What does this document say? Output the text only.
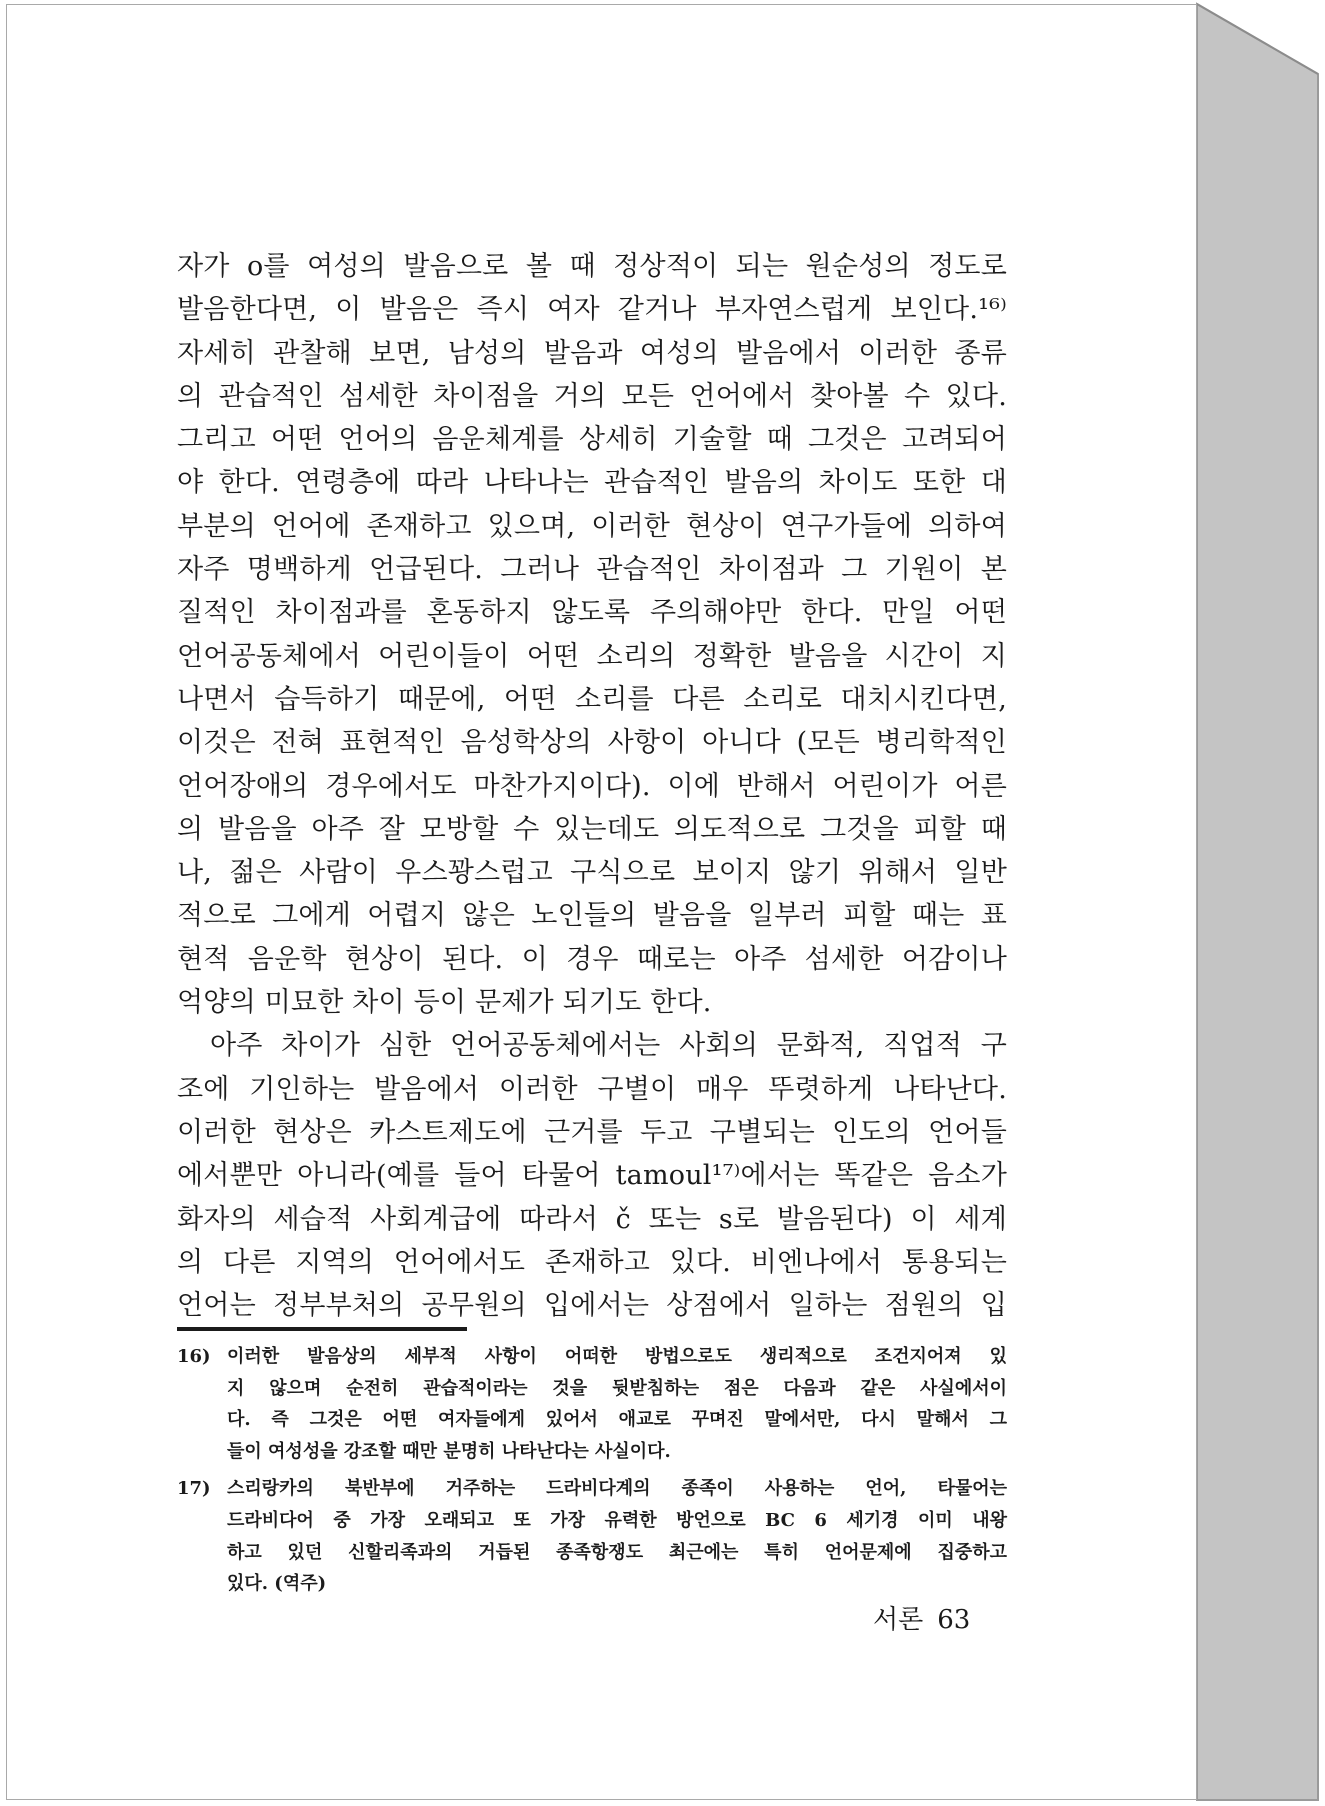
자가 o를 여성의 발음으로 볼 때 정상적이 되는 원순성의 정도로
발음한다면, 이 발음은 즉시 여자 같거나 부자연스럽게 보인다.¹⁶⁾
자세히 관찰해 보면, 남성의 발음과 여성의 발음에서 이러한 종류
의 관습적인 섬세한 차이점을 거의 모든 언어에서 찾아볼 수 있다.
그리고 어떤 언어의 음운체계를 상세히 기술할 때 그것은 고려되어
야 한다. 연령층에 따라 나타나는 관습적인 발음의 차이도 또한 대
부분의 언어에 존재하고 있으며, 이러한 현상이 연구가들에 의하여
자주 명백하게 언급된다. 그러나 관습적인 차이점과 그 기원이 본
질적인 차이점과를 혼동하지 않도록 주의해야만 한다. 만일 어떤
언어공동체에서 어린이들이 어떤 소리의 정확한 발음을 시간이 지
나면서 습득하기 때문에, 어떤 소리를 다른 소리로 대치시킨다면,
이것은 전혀 표현적인 음성학상의 사항이 아니다 (모든 병리학적인
언어장애의 경우에서도 마찬가지이다). 이에 반해서 어린이가 어른
의 발음을 아주 잘 모방할 수 있는데도 의도적으로 그것을 피할 때
나, 젊은 사람이 우스꽝스럽고 구식으로 보이지 않기 위해서 일반
적으로 그에게 어렵지 않은 노인들의 발음을 일부러 피할 때는 표
현적 음운학 현상이 된다. 이 경우 때로는 아주 섬세한 어감이나
억양의 미묘한 차이 등이 문제가 되기도 한다.
아주 차이가 심한 언어공동체에서는 사회의 문화적, 직업적 구
조에 기인하는 발음에서 이러한 구별이 매우 뚜렷하게 나타난다.
이러한 현상은 카스트제도에 근거를 두고 구별되는 인도의 언어들
에서뿐만 아니라(예를 들어 타물어 tamoul¹⁷⁾에서는 똑같은 음소가
화자의 세습적 사회계급에 따라서 č 또는 s로 발음된다) 이 세계
의 다른 지역의 언어에서도 존재하고 있다. 비엔나에서 통용되는
언어는 정부부처의 공무원의 입에서는 상점에서 일하는 점원의 입
16) 이러한 발음상의 세부적 사항이 어떠한 방법으로도 생리적으로 조건지어져 있
지 않으며 순전히 관습적이라는 것을 뒷받침하는 점은 다음과 같은 사실에서이
다. 즉 그것은 어떤 여자들에게 있어서 애교로 꾸며진 말에서만, 다시 말해서 그
들이 여성성을 강조할 때만 분명히 나타난다는 사실이다.
17) 스리랑카의 북반부에 거주하는 드라비다계의 종족이 사용하는 언어, 타물어는
드라비다어 중 가장 오래되고 또 가장 유력한 방언으로 BC 6 세기경 이미 내왕
하고 있던 신할리족과의 거듭된 종족항쟁도 최근에는 특히 언어문제에 집중하고
있다. (역주)
서론 63
